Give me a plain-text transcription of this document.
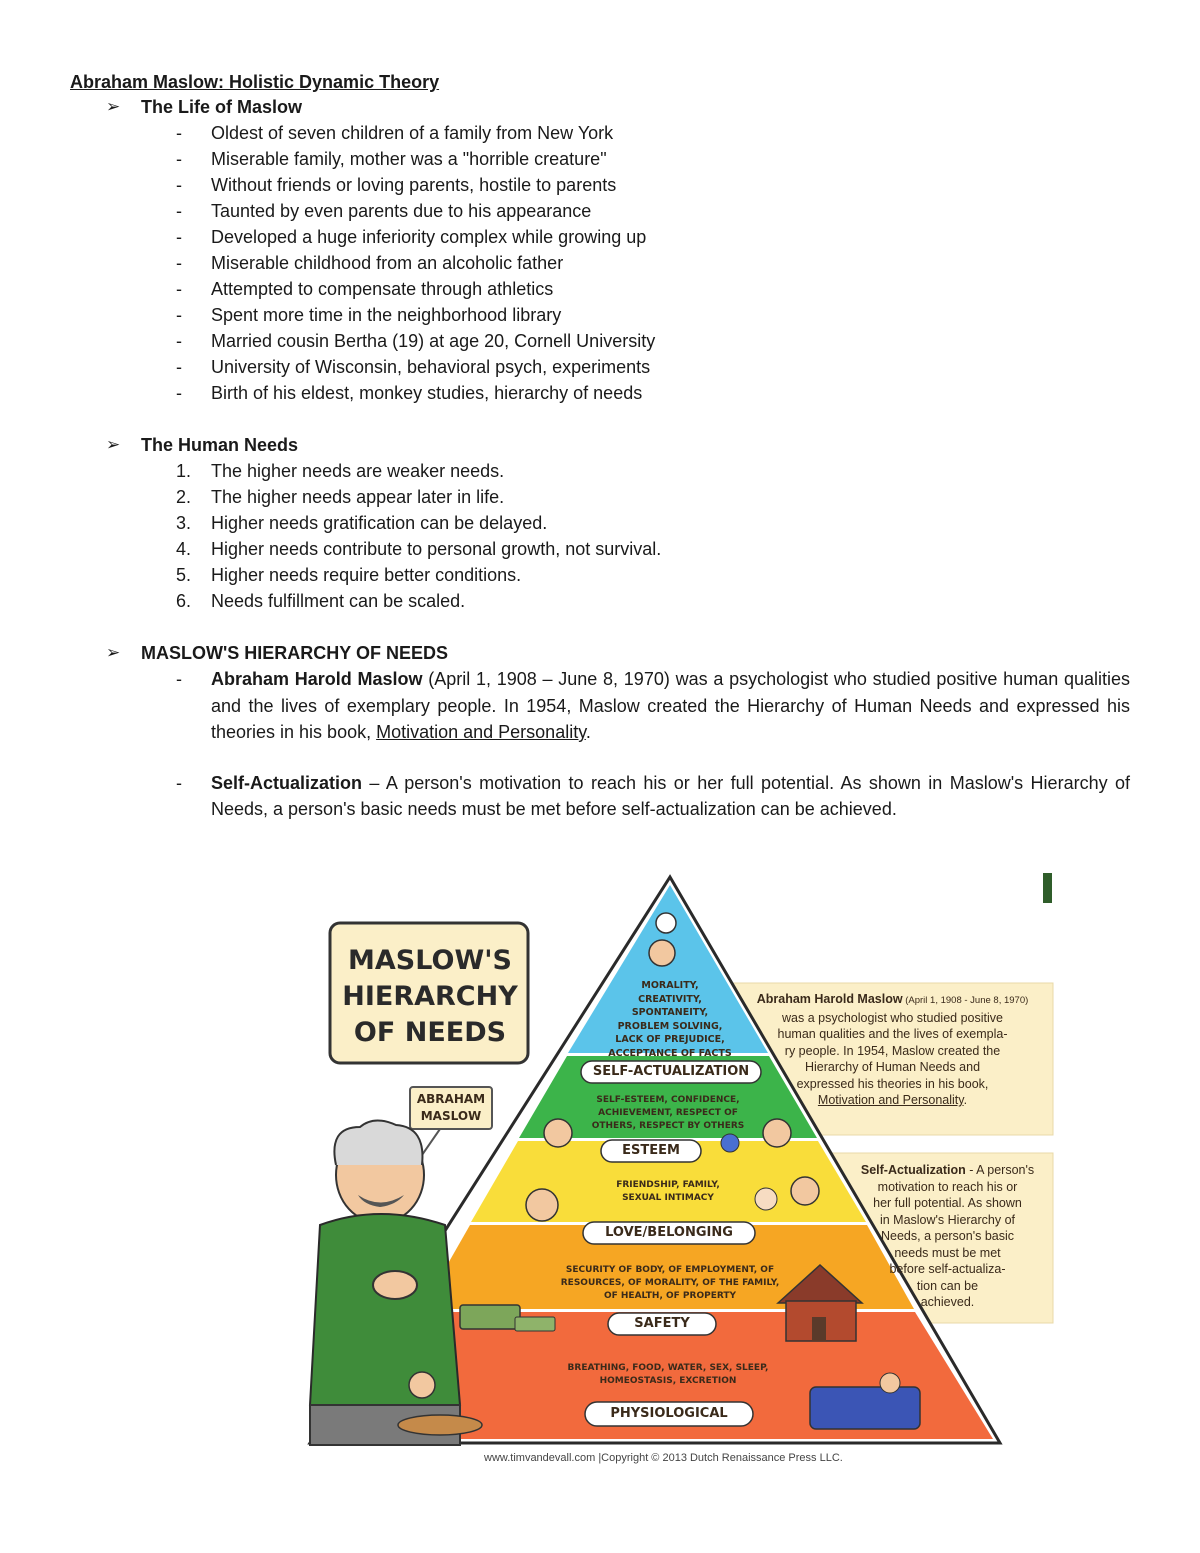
Abraham Maslow: Holistic Dynamic Theory

➢ The Life of Maslow
- Oldest of seven children of a family from New York
- Miserable family, mother was a "horrible creature"
- Without friends or loving parents, hostile to parents
- Taunted by even parents due to his appearance
- Developed a huge inferiority complex while growing up
- Miserable childhood from an alcoholic father
- Attempted to compensate through athletics
- Spent more time in the neighborhood library
- Married cousin Bertha (19) at age 20, Cornell University
- University of Wisconsin, behavioral psych, experiments
- Birth of his eldest, monkey studies, hierarchy of needs
➢ The Human Needs
1. The higher needs are weaker needs.
2. The higher needs appear later in life.
3. Higher needs gratification can be delayed.
4. Higher needs contribute to personal growth, not survival.
5. Higher needs require better conditions.
6. Needs fulfillment can be scaled.
➢ MASLOW'S HIERARCHY OF NEEDS
- Abraham Harold Maslow (April 1, 1908 – June 8, 1970) was a psychologist who studied positive human qualities and the lives of exemplary people. In 1954, Maslow created the Hierarchy of Human Needs and expressed his theories in his book, Motivation and Personality.
- Self-Actualization – A person's motivation to reach his or her full potential. As shown in Maslow's Hierarchy of Needs, a person's basic needs must be met before self-actualization can be achieved.
MASLOW'S
HIERARCHY
OF NEEDS
ABRAHAM
MASLOW
MORALITY,
CREATIVITY,
SPONTANEITY,
PROBLEM SOLVING,
LACK OF PREJUDICE,
ACCEPTANCE OF FACTS
SELF-ACTUALIZATION
SELF-ESTEEM, CONFIDENCE,
ACHIEVEMENT, RESPECT OF
OTHERS, RESPECT BY OTHERS
ESTEEM
FRIENDSHIP, FAMILY,
SEXUAL INTIMACY
LOVE/BELONGING
SECURITY OF BODY, OF EMPLOYMENT, OF
RESOURCES, OF MORALITY, OF THE FAMILY,
OF HEALTH, OF PROPERTY
SAFETY
BREATHING, FOOD, WATER, SEX, SLEEP,
HOMEOSTASIS, EXCRETION
PHYSIOLOGICAL
Abraham Harold Maslow (April 1, 1908 - June 8, 1970)
was a psychologist who studied positive
human qualities and the lives of exempla-
ry people. In 1954, Maslow created the
Hierarchy of Human Needs and
expressed his theories in his book,
Motivation and Personality.
Self-Actualization - A person's
motivation to reach his or
her full potential. As shown
in Maslow's Hierarchy of
Needs, a person's basic
needs must be met
before self-actualiza-
tion can be
achieved.
www.timvandevall.com |Copyright © 2013 Dutch Renaissance Press LLC.
